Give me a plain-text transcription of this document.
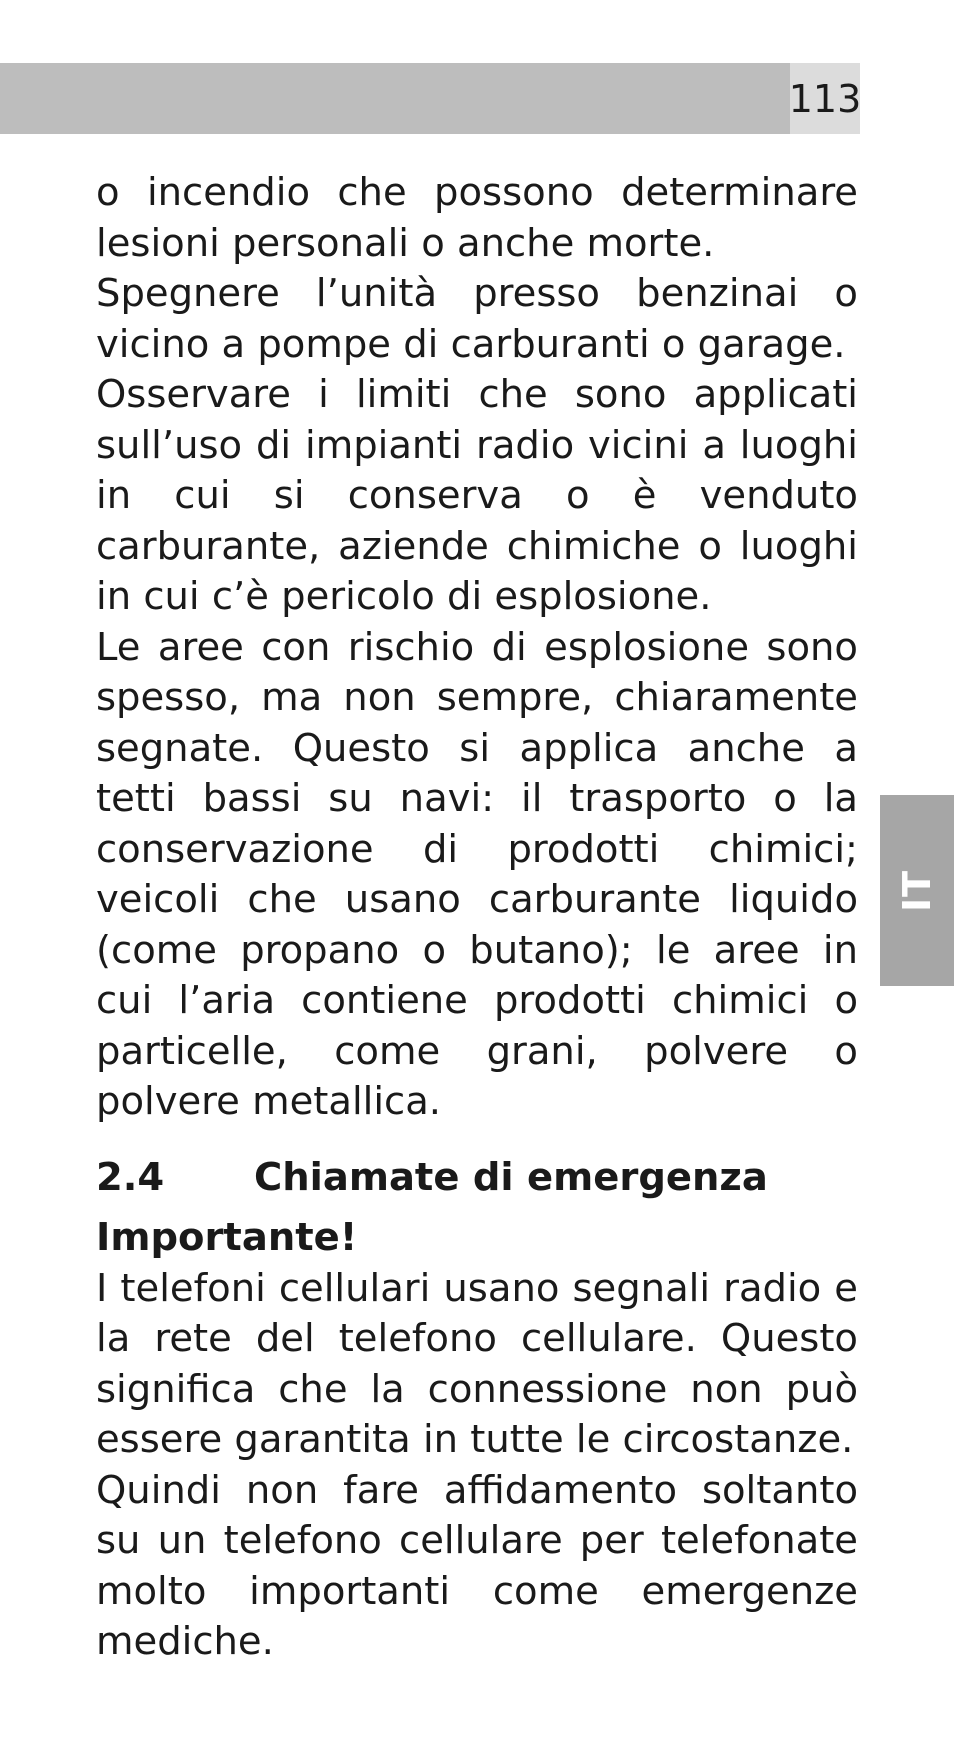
113
IT

o incendio che possono determinare lesioni personali o anche morte.

Spegnere l’unità presso benzinai o vicino a pompe di carburanti o garage.

Osservare i limiti che sono applicati sull’uso di impianti radio vicini a luoghi in cui si conserva o è venduto carburante, aziende chimiche o luoghi in cui c’è pericolo di esplosione.

Le aree con rischio di esplosione sono spesso, ma non sempre, chiaramente segnate. Questo si applica anche a tetti bassi su navi: il trasporto o la conservazione di prodotti chimici; veicoli che usano carburante liquido (come propano o butano); le aree in cui l’aria contiene prodotti chimici o particelle, come grani, polvere o polvere metallica.

2.4	Chiamate di emergenza
Importante!

I telefoni cellulari usano segnali radio e la rete del telefono cellulare. Questo significa che la connessione non può essere garantita in tutte le circostanze.

Quindi non fare affidamento soltanto su un telefono cellulare per telefonate molto importanti come emergenze mediche.
